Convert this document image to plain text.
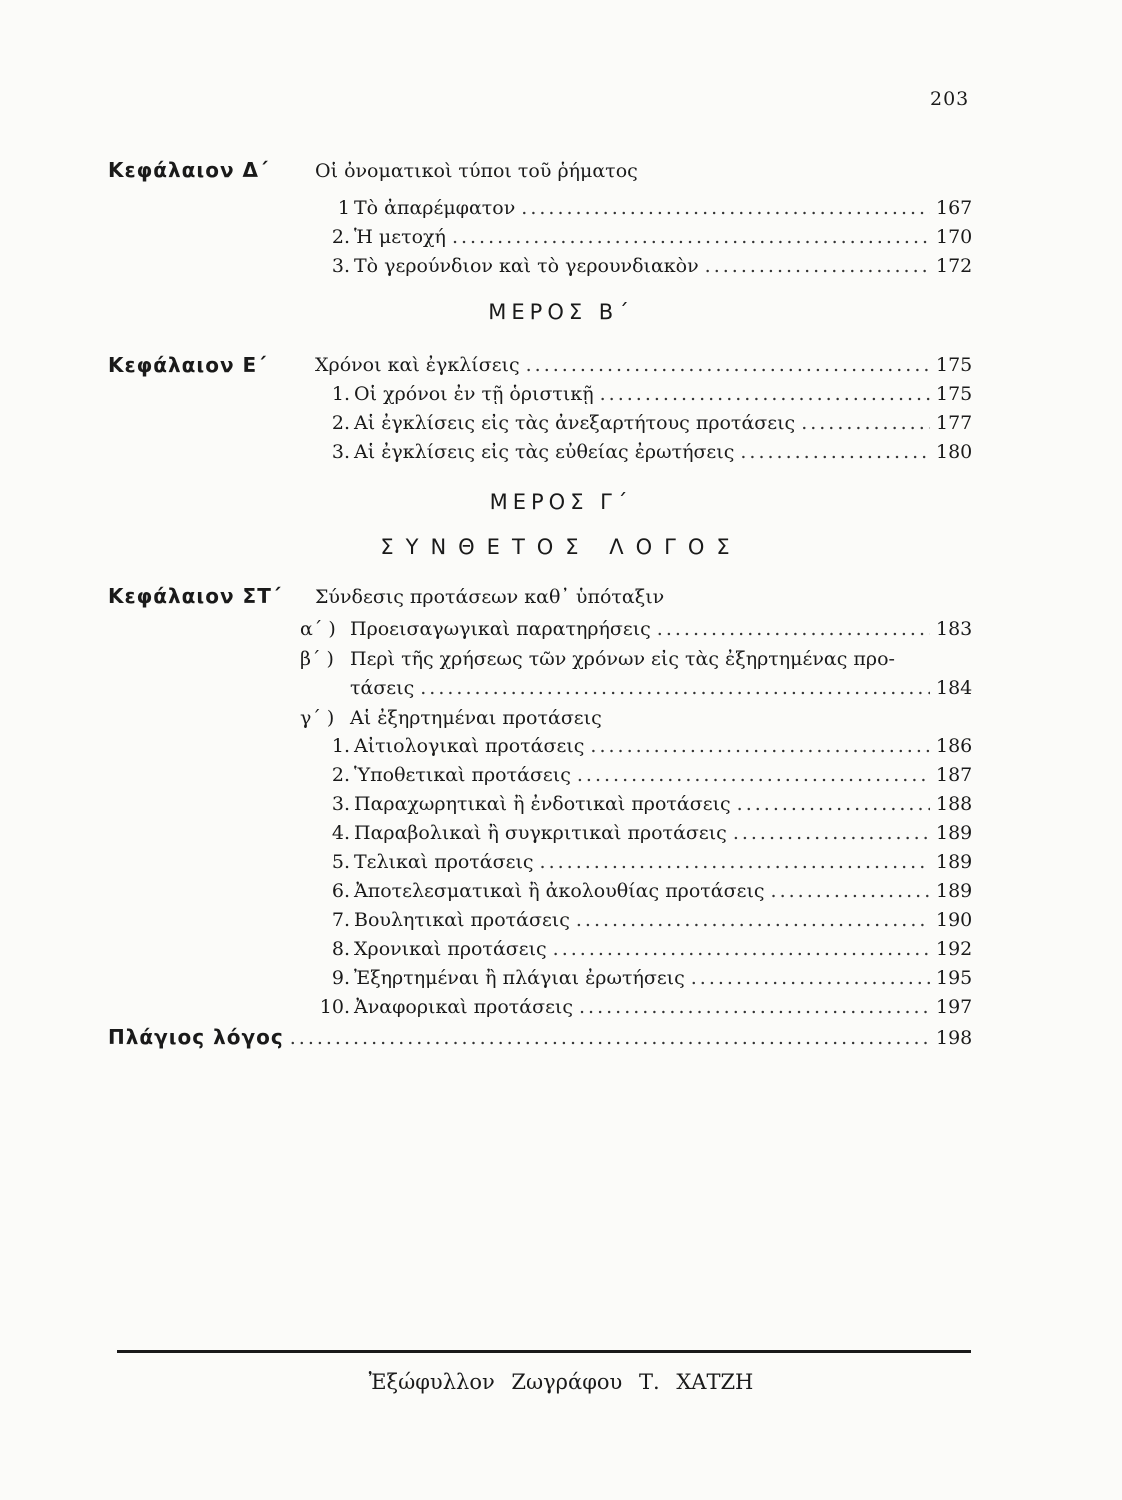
203
Κεφάλαιον Δ΄ Οἱ ὀνοματικοὶ τύποι τοῦ ῥήματος
1 Τὸ ἀπαρέμφατον .....	167
2. Ἡ μετοχή .....	170
3. Τὸ γερούνδιον καὶ τὸ γερουνδιακὸν .....	172
ΜΕΡΟΣ Β΄
Κεφάλαιον Ε΄	Χρόνοι καὶ ἐγκλίσεις .....	175
1. Οἱ χρόνοι ἐν τῇ ὁριστικῇ .....	175
2. Αἱ ἐγκλίσεις εἰς τὰς ἀνεξαρτήτους προτάσεις .....	177
3. Αἱ ἐγκλίσεις εἰς τὰς εὐθείας ἐρωτήσεις .....	180
ΜΕΡΟΣ Γ΄
ΣΥΝΘΕΤΟΣ ΛΟΓΟΣ
Κεφάλαιον ΣΤ΄ Σύνδεσις προτάσεων καθ᾽ ὑπόταξιν
α΄ ) Προεισαγωγικαὶ παρατηρήσεις .....	183
β΄ ) Περὶ τῆς χρήσεως τῶν χρόνων εἰς τὰς ἐξηρτημένας προ-
τάσεις .....	184
γ΄ ) Αἱ ἐξηρτημέναι προτάσεις
1. Αἰτιολογικαὶ προτάσεις .....	186
2. Ὑποθετικαὶ προτάσεις .....	187
3. Παραχωρητικαὶ ἢ ἐνδοτικαὶ προτάσεις .....	188
4. Παραβολικαὶ ἢ συγκριτικαὶ προτάσεις .....	189
5. Τελικαὶ προτάσεις .....	189
6. Ἀποτελεσματικαὶ ἢ ἀκολουθίας προτάσεις .....	189
7. Βουλητικαὶ προτάσεις .....	190
8. Χρονικαὶ προτάσεις .....	192
9. Ἐξηρτημέναι ἢ πλάγιαι ἐρωτήσεις .....	195
10. Ἀναφορικαὶ προτάσεις .....	197
Πλάγιος λόγος .....	198
Ἐξώφυλλον Ζωγράφου Τ. ΧΑΤΖΗ
